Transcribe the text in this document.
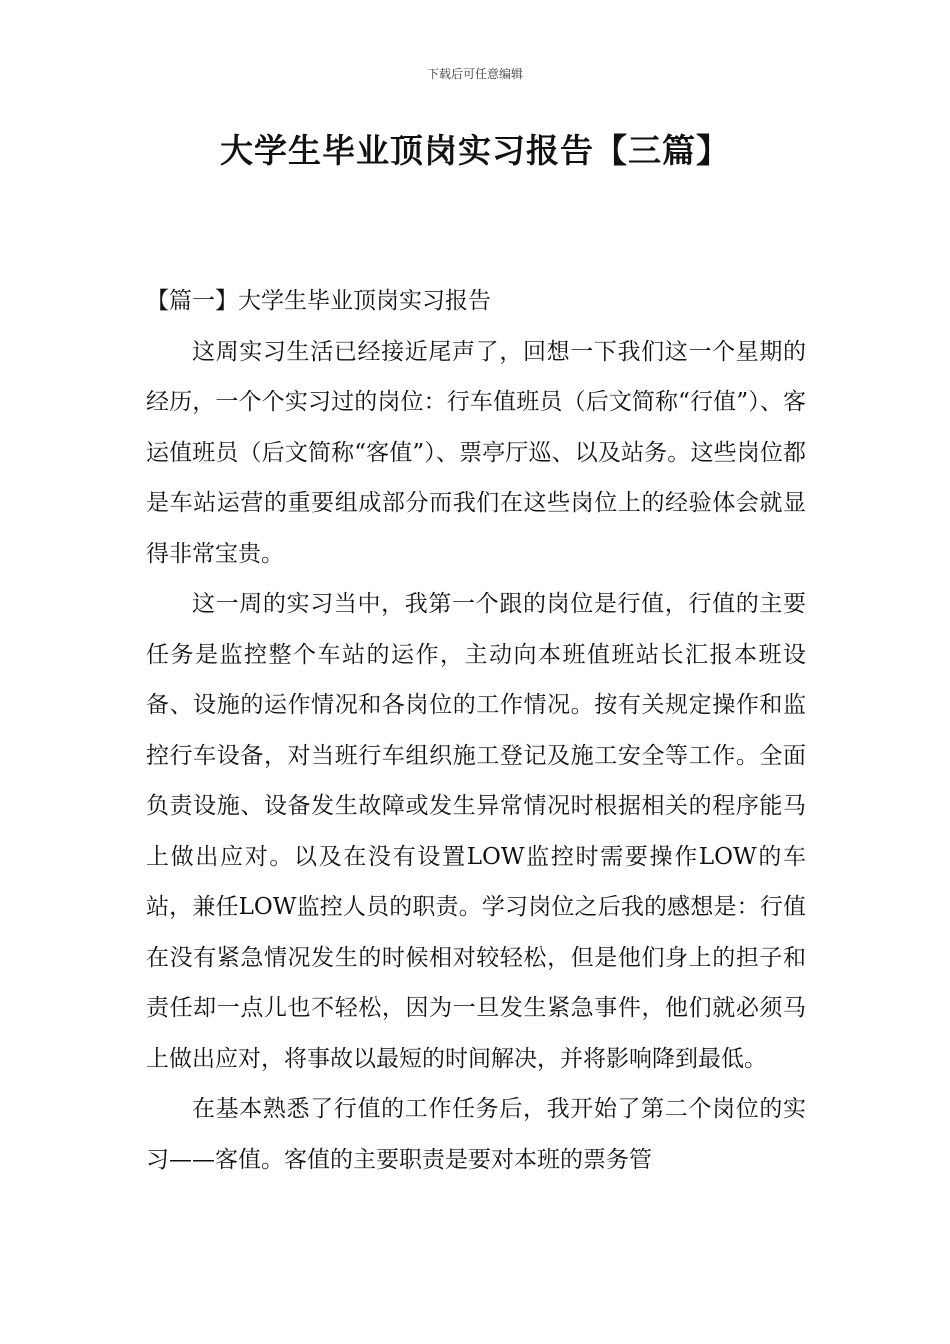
下载后可任意编辑
大学生毕业顶岗实习报告【三篇】

【篇一】大学生毕业顶岗实习报告

这周实习生活已经接近尾声了，回想一下我们这一个星期的经历，一个个实习过的岗位：行车值班员（后文简称“行值”）、客运值班员（后文简称“客值”）、票亭厅巡、以及站务。这些岗位都是车站运营的重要组成部分而我们在这些岗位上的经验体会就显得非常宝贵。

这一周的实习当中，我第一个跟的岗位是行值，行值的主要任务是监控整个车站的运作，主动向本班值班站长汇报本班设备、设施的运作情况和各岗位的工作情况。按有关规定操作和监控行车设备，对当班行车组织施工登记及施工安全等工作。全面负责设施、设备发生故障或发生异常情况时根据相关的程序能马上做出应对。以及在没有设置LOW监控时需要操作LOW的车站，兼任LOW监控人员的职责。学习岗位之后我的感想是：行值在没有紧急情况发生的时候相对较轻松，但是他们身上的担子和责任却一点儿也不轻松，因为一旦发生紧急事件，他们就必须马上做出应对，将事故以最短的时间解决，并将影响降到最低。

在基本熟悉了行值的工作任务后，我开始了第二个岗位的实习——客值。客值的主要职责是要对本班的票务管
